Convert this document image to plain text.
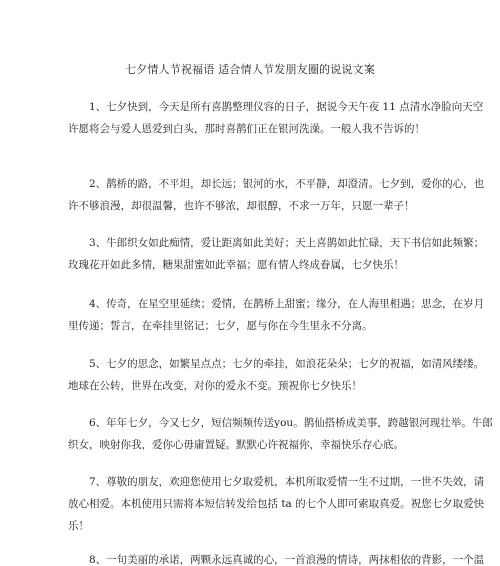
七夕情人节祝福语 适合情人节发朋友圈的说说文案
1、七夕快到，今天是所有喜鹊整理仪容的日子，据说今天午夜 11 点清水净脸向天空 许愿将会与爱人恩爱到白头，那时喜鹊们正在银河洗澡。一般人我不告诉的！
2、鹊桥的路，不平坦，却长远；银河的水，不平静，却澄清。七夕到，爱你的心，也 许不够浪漫，却很温馨，也许不够浓，却很醇，不求一万年，只愿一辈子！
3、牛郎织女如此痴情，爱让距离如此美好；天上喜鹊如此忙碌，天下书信如此频繁； 玫瑰花开如此多情，糖果甜蜜如此幸福；愿有情人终成眷属，七夕快乐！
4、传奇，在星空里延续；爱情，在鹊桥上甜蜜；缘分，在人海里相遇；思念，在岁月 里传递；誓言，在牵挂里铭记；七夕，愿与你在今生里永不分离。
5、七夕的思念，如繁星点点；七夕的牵挂，如浪花朵朵；七夕的祝福，如清风缕缕。 地球在公转，世界在改变，对你的爱永不变。预祝你七夕快乐！
6、年年七夕，今又七夕，短信频频传送you。鹊仙搭桥成美事，跨越银河现壮举。牛郎 织女，映射你我，爱你心毋庸置疑。默默心许祝福你，幸福快乐存心底。
7、尊敬的朋友，欢迎您使用七夕取爱机，本机所取爱情一生不过期，一世不失效，请 放心相爱。本机使用只需将本短信转发给包括 ta 的七个人即可索取真爱。祝您七夕取爱快 乐！
8、一句美丽的承诺，两颗永远真诚的心，一首浪漫的情诗，两抹相依的背影，一个温
